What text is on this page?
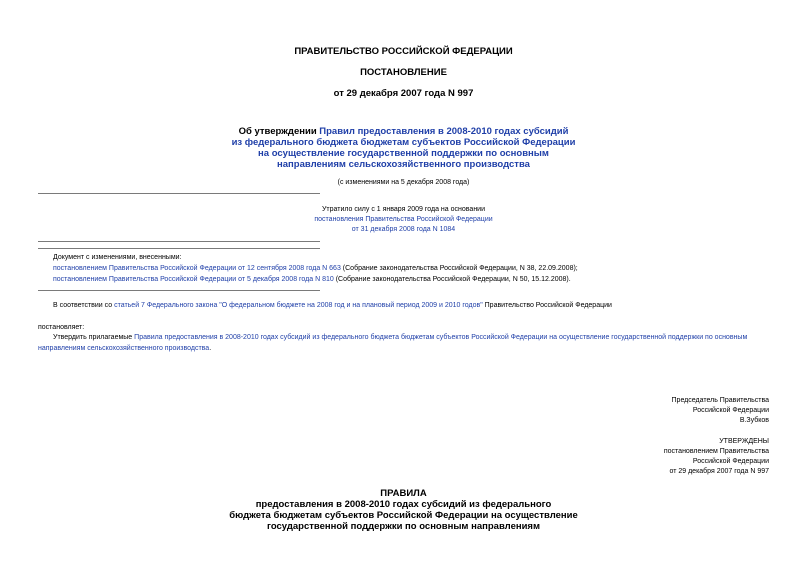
ПРАВИТЕЛЬСТВО РОССИЙСКОЙ ФЕДЕРАЦИИ
ПОСТАНОВЛЕНИЕ
от 29 декабря 2007 года N 997
Об утверждении Правил предоставления в 2008-2010 годах субсидий
из федерального бюджета бюджетам субъектов Российской Федерации
на осуществление государственной поддержки по основным
направлениям сельскохозяйственного производства
(с изменениями на 5 декабря 2008 года)
Утратило силу с 1 января 2009 года на основании
постановления Правительства Российской Федерации
от 31 декабря 2008 года N 1084
Документ с изменениями, внесенными:
постановлением Правительства Российской Федерации от 12 сентября 2008 года N 663 (Собрание законодательства Российской Федерации, N 38, 22.09.2008);
постановлением Правительства Российской Федерации от 5 декабря 2008 года N 810 (Собрание законодательства Российской Федерации, N 50, 15.12.2008).
В соответствии со статьей 7 Федерального закона "О федеральном бюджете на 2008 год и на плановый период 2009 и 2010 годов" Правительство Российской Федерации
постановляет:
Утвердить прилагаемые Правила предоставления в 2008-2010 годах субсидий из федерального бюджета бюджетам субъектов Российской Федерации на осуществление государственной поддержки по основным
направлениям сельскохозяйственного производства.
Председатель Правительства
Российской Федерации
В.Зубков
УТВЕРЖДЕНЫ
постановлением Правительства
Российской Федерации
от 29 декабря 2007 года N 997
ПРАВИЛА
предоставления в 2008-2010 годах субсидий из федерального
бюджета бюджетам субъектов Российской Федерации на осуществление
государственной поддержки по основным направлениям
